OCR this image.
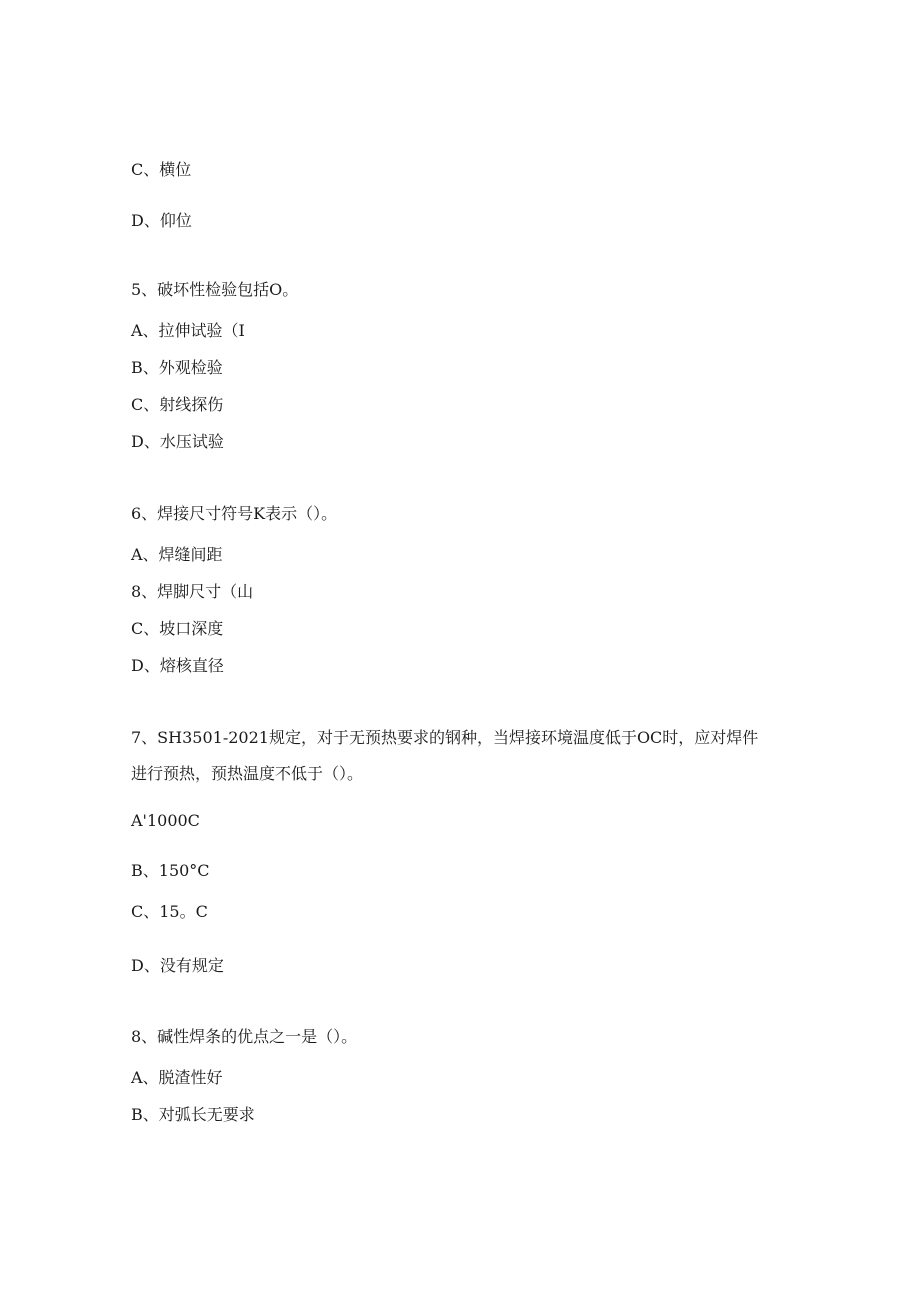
C、横位

D、仰位

5、破坏性检验包括O。

A、拉伸试验（I

B、外观检验

C、射线探伤

D、水压试验

6、焊接尺寸符号K表示（）。

A、焊缝间距

8、焊脚尺寸（山

C、坡口深度

D、熔核直径

7、SH3501-2021规定，对于无预热要求的钢种，当焊接环境温度低于OC时，应对焊件

进行预热，预热温度不低于（）。

A'1000C

B、150°C

C、15。C

D、没有规定

8、碱性焊条的优点之一是（）。

A、脱渣性好

B、对弧长无要求
